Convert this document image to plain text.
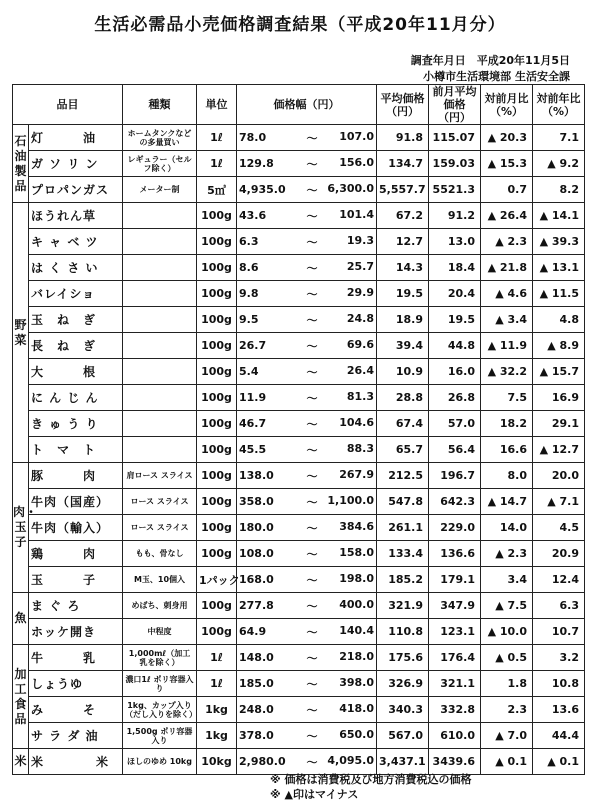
生活必需品小売価格調査結果（平成20年11月分）
調査年月日　平成20年11月5日
小樽市生活環境部 生活安全課
品目		種類	単位	価格幅（円）		平均価格（円）	前月平均価格（円）	対前月比（%）	対前年比（%）
石油製品	灯　　　油	ホームタンクなどの多量買い	1ℓ	78.0	～ 107.0	91.8	115.07	▲ 20.3	7.1
	ガ ソ リ ン	レギュラー（セルフ除く）	1ℓ	129.8	～ 156.0	134.7	159.03	▲ 15.3	▲ 9.2
	プロパンガス	メーター制	5㎥	4,935.0	～ 6,300.0	5,557.7	5521.3	0.7	8.2
野菜	ほうれん草		100g	43.6	～ 101.4	67.2	91.2	▲ 26.4	▲ 14.1
	キ ャ ベ ツ		100g	6.3	～ 19.3	12.7	13.0	▲ 2.3	▲ 39.3
	は く さ い		100g	8.6	～ 25.7	14.3	18.4	▲ 21.8	▲ 13.1
	バレイショ		100g	9.8	～ 29.9	19.5	20.4	▲ 4.6	▲ 11.5
	玉　ね　ぎ		100g	9.5	～ 24.8	18.9	19.5	▲ 3.4	4.8
	長　ね　ぎ		100g	26.7	～ 69.6	39.4	44.8	▲ 11.9	▲ 8.9
	大　　　根		100g	5.4	～ 26.4	10.9	16.0	▲ 32.2	▲ 15.7
	に ん じ ん		100g	11.9	～ 81.3	28.8	26.8	7.5	16.9
	き ゅ う り		100g	46.7	～ 104.6	67.4	57.0	18.2	29.1
	ト　マ　ト		100g	45.5	～ 88.3	65.7	56.4	16.6	▲ 12.7
肉・玉子	豚　　　肉	肩ロース スライス	100g	138.0	～ 267.9	212.5	196.7	8.0	20.0
	牛肉（国産）	ロース スライス	100g	358.0	～ 1,100.0	547.8	642.3	▲ 14.7	▲ 7.1
	牛肉（輸入）	ロース スライス	100g	180.0	～ 384.6	261.1	229.0	14.0	4.5
	鶏　　　肉	もも、骨なし	100g	108.0	～ 158.0	133.4	136.6	▲ 2.3	20.9
	玉　　　子	M玉、10個入	1パック	168.0	～ 198.0	185.2	179.1	3.4	12.4
魚	ま ぐ ろ	めばち、刺身用	100g	277.8	～ 400.0	321.9	347.9	▲ 7.5	6.3
	ホッケ開き	中程度	100g	64.9	～ 140.4	110.8	123.1	▲ 10.0	10.7
加工食品	牛　　　乳	1,000mℓ（加工乳を除く）	1ℓ	148.0	～ 218.0	175.6	176.4	▲ 0.5	3.2
	しょうゆ	濃口1ℓ ポリ容器入り	1ℓ	185.0	～ 398.0	326.9	321.1	1.8	10.8
	み　　　そ	1kg、カップ入り（だし入りを除く）	1kg	248.0	～ 418.0	340.3	332.8	2.3	13.6
	サ ラ ダ 油	1,500g ポリ容器入り	1kg	378.0	～ 650.0	567.0	610.0	▲ 7.0	44.4
米	米　　　　米	ほしのゆめ 10kg	10kg	2,980.0	～ 4,095.0	3,437.1	3439.6	▲ 0.1	▲ 0.1
※ 価格は消費税及び地方消費税込の価格
※ ▲印はマイナス
